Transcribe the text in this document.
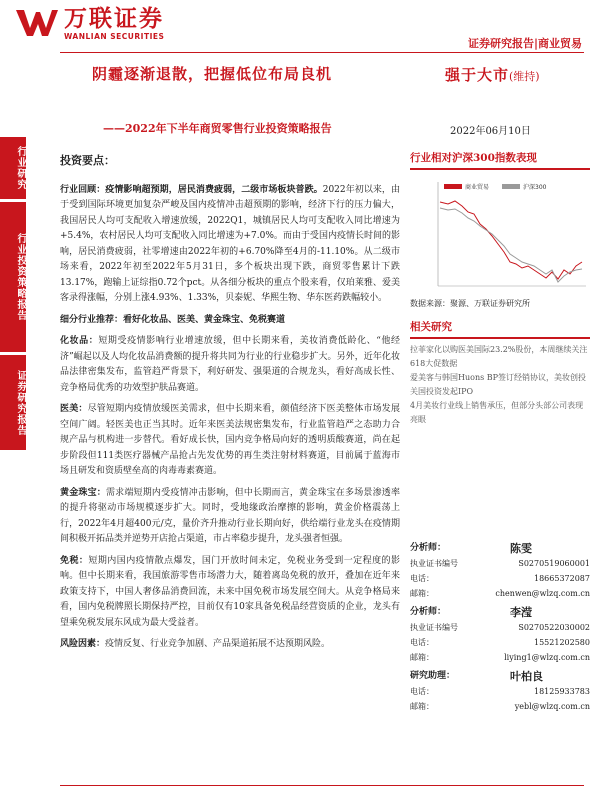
万联证券
WANLIAN SECURITIES
证券研究报告|商业贸易
阴霾逐渐退散，把握低位布局良机
——2022年下半年商贸零售行业投资策略报告
强于大市(维持)
2022年06月10日
行业研究
行业投资策略报告
证券研究报告
投资要点：
行业回顾：疫情影响超预期，居民消费疲弱，二级市场板块普跌。2022年初以来，由于受到国际环境更加复杂严峻及国内疫情冲击超预期的影响，经济下行的压力偏大，我国居民人均可支配收入增速放缓，2022Q1，城镇居民人均可支配收入同比增速为+5.4%，农村居民人均可支配收入同比增速为+7.0%。而由于受国内疫情长时间的影响，居民消费疲弱，社零增速由2022年初的+6.70%降至4月的-11.10%。从二级市场来看，2022年初至2022年5月31日，多个板块出现下跌，商贸零售累计下跌13.17%，跑输上证综指0.72个pct。从各细分板块的重点个股来看，仅珀莱雅、爱美客录得涨幅，分别上涨4.93%、1.33%，贝泰妮、华熙生物、华东医药跌幅较小。
细分行业推荐：看好化妆品、医美、黄金珠宝、免税赛道
化妆品：短期受疫情影响行业增速放缓，但中长期来看，美妆消费低龄化、“他经济”崛起以及人均化妆品消费额的提升将共同为行业的行业稳步扩大。另外，近年化妆品法律密集发布，监管趋严背景下，利好研发、强渠道的合规龙头，看好高成长性、竞争格局优秀的功效型护肤品赛道。
医美：尽管短期内疫情放缓医美需求，但中长期来看，颜值经济下医美整体市场发展空间广阔。轻医美也正当其时。近年来医美法规密集发布，行业监管趋严之态助力合规产品与机构进一步替代。看好成长快，国内竞争格局向好的透明质酸赛道，尚在起步阶段但111类医疗器械产品抢占先发优势的再生类注射材料赛道，目前属于蓝海市场且研发和资质壁垒高的肉毒毒素赛道。
黄金珠宝：需求端短期内受疫情冲击影响，但中长期而言，黄金珠宝在多场景渗透率的提升将驱动市场规模逐步扩大。同时，受地缘政治摩擦的影响，黄金价格震荡上行，2022年4月超400元/克，量价齐升推动行业长期向好，供给端行业龙头在疫情期间积极开拓品类并逆势开店抢占渠道，市占率稳步提升，龙头强者恒强。
免税：短期内国内疫情散点爆发，国门开放时间未定，免税业务受到一定程度的影响。但中长期来看，我国旅游零售市场潜力大，随着离岛免税的放开，叠加在近年来政策支持下，中国人奢侈品消费回流，未来中国免税市场发展空间大。从竞争格局来看，国内免税牌照长期保持严控，目前仅有10家具备免税品经营资质的企业，龙头有望乘免税发展东风成为最大受益者。
风险因素：疫情反复、行业竞争加剧、产品渠道拓展不达预期风险。
行业相对沪深300指数表现
商业贸易	沪深300
数据来源：聚源、万联证券研究所
相关研究
拉菲家化以购医美国际23.2%股份，本周继续关注618大促数据
爱美客与韩国Huons BP签订经销协议，美妆创投关国投资发起IPO
4月美妆行业线上销售承压，但部分头部公司表现亮眼
分析师：	陈雯
执业证书编号	S0270519060001
电话：	18665372087
邮箱：	chenwen@wlzq.com.cn
分析师：	李滢
执业证书编号	S0270522030002
电话：	15521202580
邮箱：	liying1@wlzq.com.cn
研究助理：	叶柏良
电话：	18125933783
邮箱：	yebl@wlzq.com.cn
